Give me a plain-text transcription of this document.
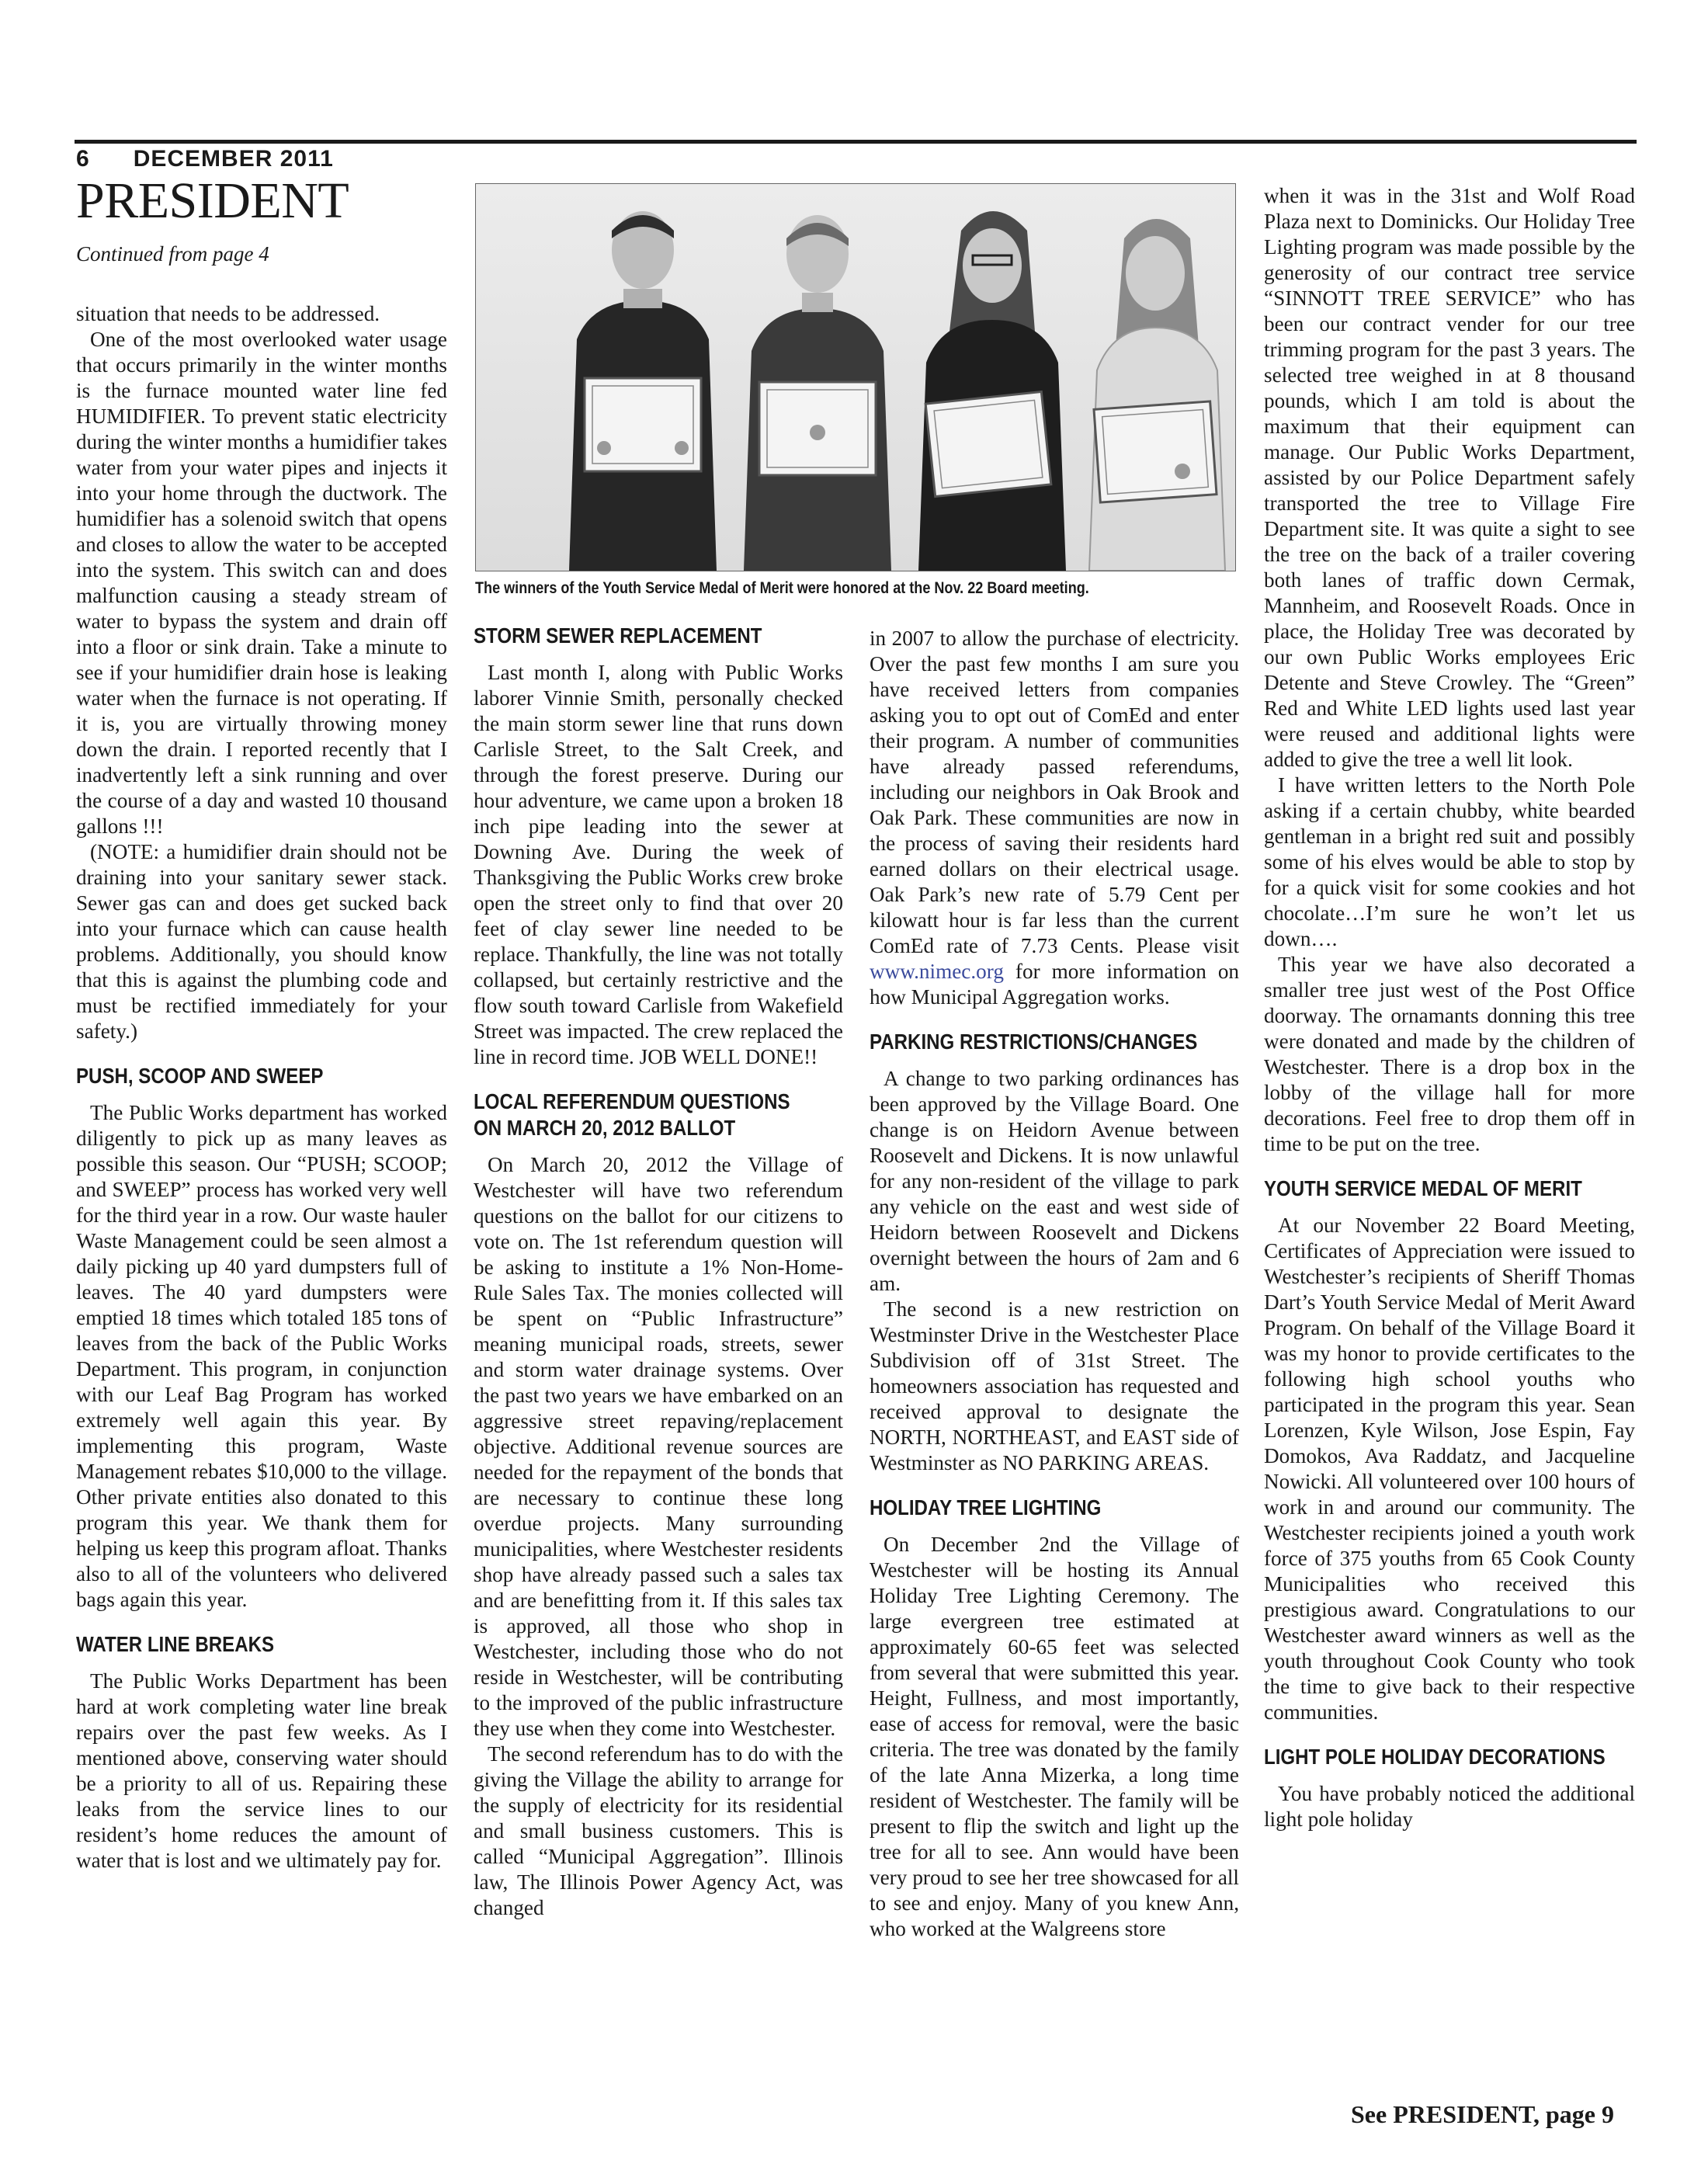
6 DECEMBER 2011
PRESIDENT
Continued from page 4

situation that needs to be addressed.

One of the most overlooked water usage that occurs primarily in the winter months is the furnace mounted water line fed HUMIDIFIER. To prevent static electricity during the winter months a humidifier takes water from your water pipes and injects it into your home through the ductwork. The humidifier has a solenoid switch that opens and closes to allow the water to be accepted into the system. This switch can and does malfunction causing a steady stream of water to bypass the system and drain off into a floor or sink drain. Take a minute to see if your humidifier drain hose is leaking water when the furnace is not operating. If it is, you are virtually throwing money down the drain. I reported recently that I inadvertently left a sink running and over the course of a day and wasted 10 thousand gallons !!!

(NOTE: a humidifier drain should not be draining into your sanitary sewer stack. Sewer gas can and does get sucked back into your furnace which can cause health problems. Additionally, you should know that this is against the plumbing code and must be rectified immediately for your safety.)

PUSH, SCOOP AND SWEEP

The Public Works department has worked diligently to pick up as many leaves as possible this season. Our “PUSH; SCOOP; and SWEEP” process has worked very well for the third year in a row. Our waste hauler Waste Management could be seen almost a daily picking up 40 yard dumpsters full of leaves. The 40 yard dumpsters were emptied 18 times which totaled 185 tons of leaves from the back of the Public Works Department. This program, in conjunction with our Leaf Bag Program has worked extremely well again this year. By implementing this program, Waste Management rebates $10,000 to the village. Other private entities also donated to this program this year. We thank them for helping us keep this program afloat. Thanks also to all of the volunteers who delivered bags again this year.

WATER LINE BREAKS

The Public Works Department has been hard at work completing water line break repairs over the past few weeks. As I mentioned above, conserving water should be a priority to all of us. Repairing these leaks from the service lines to our resident’s home reduces the amount of water that is lost and we ultimately pay for.

The winners of the Youth Service Medal of Merit were honored at the Nov. 22 Board meeting.
STORM SEWER REPLACEMENT

Last month I, along with Public Works laborer Vinnie Smith, personally checked the main storm sewer line that runs down Carlisle Street, to the Salt Creek, and through the forest preserve. During our hour adventure, we came upon a broken 18 inch pipe leading into the sewer at Downing Ave. During the week of Thanksgiving the Public Works crew broke open the street only to find that over 20 feet of clay sewer line needed to be replace. Thankfully, the line was not totally collapsed, but certainly restrictive and the flow south toward Carlisle from Wakefield Street was impacted. The crew replaced the line in record time. JOB WELL DONE!!

LOCAL REFERENDUM QUESTIONS
ON MARCH 20, 2012 BALLOT

On March 20, 2012 the Village of Westchester will have two referendum questions on the ballot for our citizens to vote on. The 1st referendum question will be asking to institute a 1% Non-Home-Rule Sales Tax. The monies collected will be spent on “Public Infrastructure” meaning municipal roads, streets, sewer and storm water drainage systems. Over the past two years we have embarked on an aggressive street repaving/replacement objective. Additional revenue sources are needed for the repayment of the bonds that are necessary to continue these long overdue projects. Many surrounding municipalities, where Westchester residents shop have already passed such a sales tax and are benefitting from it. If this sales tax is approved, all those who shop in Westchester, including those who do not reside in Westchester, will be contributing to the improved of the public infrastructure they use when they come into Westchester.

The second referendum has to do with the giving the Village the ability to arrange for the supply of electricity for its residential and small business customers. This is called “Municipal Aggregation”. Illinois law, The Illinois Power Agency Act, was changed

in 2007 to allow the purchase of electricity. Over the past few months I am sure you have received letters from companies asking you to opt out of ComEd and enter their program. A number of communities have already passed referendums, including our neighbors in Oak Brook and Oak Park. These communities are now in the process of saving their residents hard earned dollars on their electrical usage. Oak Park’s new rate of 5.79 Cent per kilowatt hour is far less than the current ComEd rate of 7.73 Cents. Please visit www.nimec.org for more information on how Municipal Aggregation works.

PARKING RESTRICTIONS/CHANGES

A change to two parking ordinances has been approved by the Village Board. One change is on Heidorn Avenue between Roosevelt and Dickens. It is now unlawful for any non-resident of the village to park any vehicle on the east and west side of Heidorn between Roosevelt and Dickens overnight between the hours of 2am and 6 am.

The second is a new restriction on Westminster Drive in the Westchester Place Subdivision off of 31st Street. The homeowners association has requested and received approval to designate the NORTH, NORTHEAST, and EAST side of Westminster as NO PARKING AREAS.

HOLIDAY TREE LIGHTING

On December 2nd the Village of Westchester will be hosting its Annual Holiday Tree Lighting Ceremony. The large evergreen tree estimated at approximately 60-65 feet was selected from several that were submitted this year. Height, Fullness, and most importantly, ease of access for removal, were the basic criteria. The tree was donated by the family of the late Anna Mizerka, a long time resident of Westchester. The family will be present to flip the switch and light up the tree for all to see. Ann would have been very proud to see her tree showcased for all to see and enjoy. Many of you knew Ann, who worked at the Walgreens store

when it was in the 31st and Wolf Road Plaza next to Dominicks. Our Holiday Tree Lighting program was made possible by the generosity of our contract tree service “SINNOTT TREE SERVICE” who has been our contract vender for our tree trimming program for the past 3 years. The selected tree weighed in at 8 thousand pounds, which I am told is about the maximum that their equipment can manage. Our Public Works Department, assisted by our Police Department safely transported the tree to Village Fire Department site. It was quite a sight to see the tree on the back of a trailer covering both lanes of traffic down Cermak, Mannheim, and Roosevelt Roads. Once in place, the Holiday Tree was decorated by our own Public Works employees Eric Detente and Steve Crowley. The “Green” Red and White LED lights used last year were reused and additional lights were added to give the tree a well lit look.

I have written letters to the North Pole asking if a certain chubby, white bearded gentleman in a bright red suit and possibly some of his elves would be able to stop by for a quick visit for some cookies and hot chocolate…I’m sure he won’t let us down….

This year we have also decorated a smaller tree just west of the Post Office doorway. The ornamants donning this tree were donated and made by the children of Westchester. There is a drop box in the lobby of the village hall for more decorations. Feel free to drop them off in time to be put on the tree.

YOUTH SERVICE MEDAL OF MERIT

At our November 22 Board Meeting, Certificates of Appreciation were issued to Westchester’s recipients of Sheriff Thomas Dart’s Youth Service Medal of Merit Award Program. On behalf of the Village Board it was my honor to provide certificates to the following high school youths who participated in the program this year. Sean Lorenzen, Kyle Wilson, Jose Espin, Fay Domokos, Ava Raddatz, and Jacqueline Nowicki. All volunteered over 100 hours of work in and around our community. The Westchester recipients joined a youth work force of 375 youths from 65 Cook County Municipalities who received this prestigious award. Congratulations to our Westchester award winners as well as the youth throughout Cook County who took the time to give back to their respective communities.

LIGHT POLE HOLIDAY DECORATIONS

You have probably noticed the additional light pole holiday

See PRESIDENT, page 9
